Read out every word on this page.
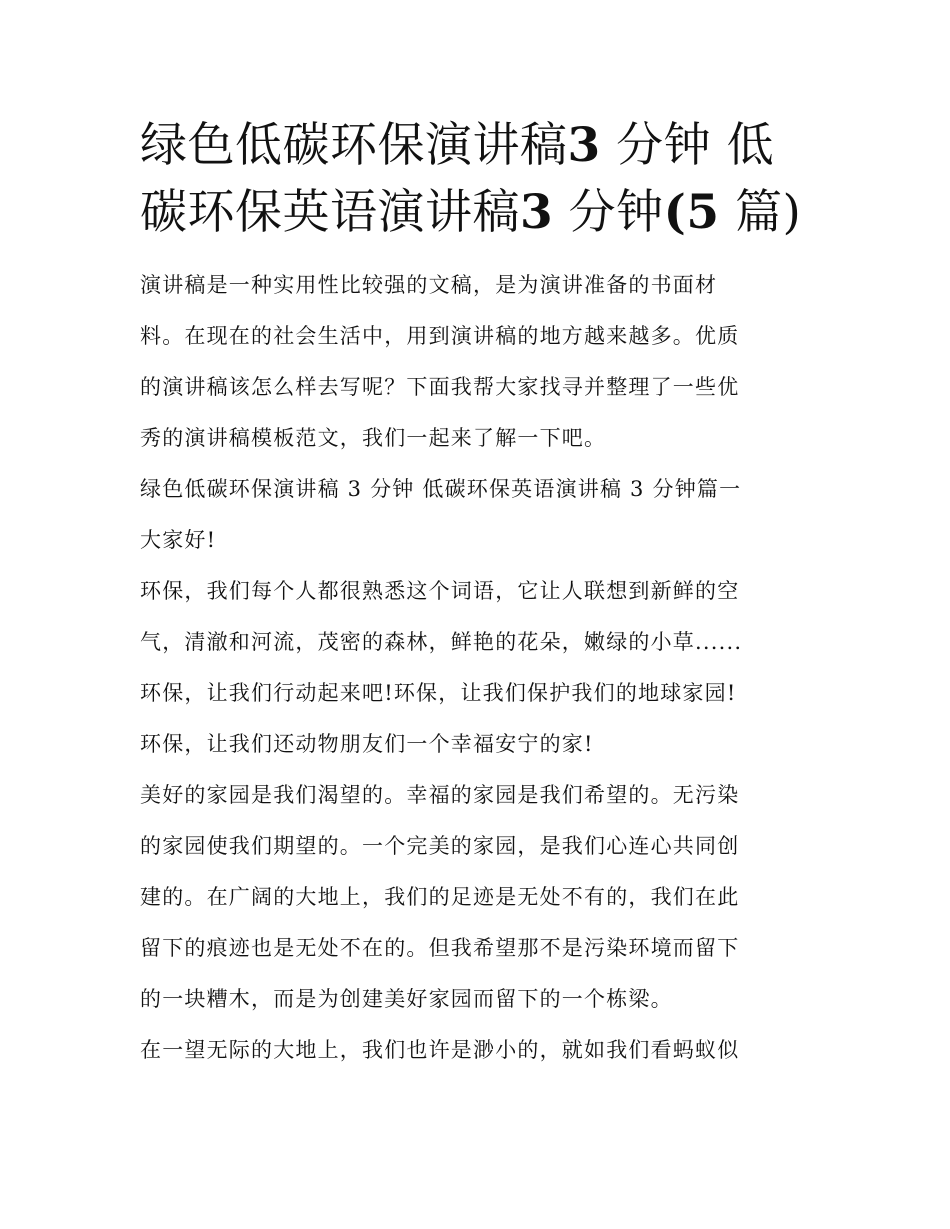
绿色低碳环保演讲稿3 分钟 低
碳环保英语演讲稿3 分钟(5 篇)

演讲稿是一种实用性比较强的文稿，是为演讲准备的书面材
料。在现在的社会生活中，用到演讲稿的地方越来越多。优质
的演讲稿该怎么样去写呢？下面我帮大家找寻并整理了一些优
秀的演讲稿模板范文，我们一起来了解一下吧。

绿色低碳环保演讲稿 3 分钟 低碳环保英语演讲稿 3 分钟篇一

大家好!

环保，我们每个人都很熟悉这个词语，它让人联想到新鲜的空
气，清澈和河流，茂密的森林，鲜艳的花朵，嫩绿的小草......
环保，让我们行动起来吧!环保，让我们保护我们的地球家园!
环保，让我们还动物朋友们一个幸福安宁的家!

美好的家园是我们渴望的。幸福的家园是我们希望的。无污染
的家园使我们期望的。一个完美的家园，是我们心连心共同创
建的。在广阔的大地上，我们的足迹是无处不有的，我们在此
留下的痕迹也是无处不在的。但我希望那不是污染环境而留下
的一块糟木，而是为创建美好家园而留下的一个栋梁。

在一望无际的大地上，我们也许是渺小的，就如我们看蚂蚁似
